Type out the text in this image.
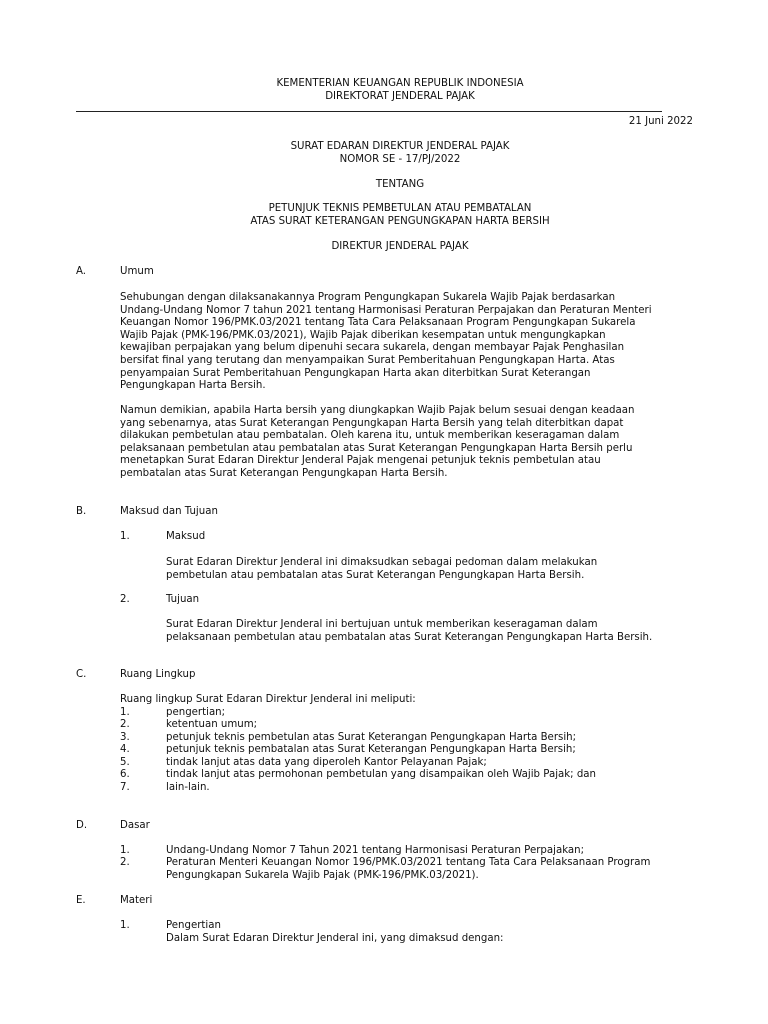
KEMENTERIAN KEUANGAN REPUBLIK INDONESIA
DIREKTORAT JENDERAL PAJAK
21 Juni 2022
SURAT EDARAN DIREKTUR JENDERAL PAJAK
NOMOR SE - 17/PJ/2022
TENTANG
PETUNJUK TEKNIS PEMBETULAN ATAU PEMBATALAN
ATAS SURAT KETERANGAN PENGUNGKAPAN HARTA BERSIH
DIREKTUR JENDERAL PAJAK
A.	Umum
Sehubungan dengan dilaksanakannya Program Pengungkapan Sukarela Wajib Pajak berdasarkan
Undang-Undang Nomor 7 tahun 2021 tentang Harmonisasi Peraturan Perpajakan dan Peraturan Menteri
Keuangan Nomor 196/PMK.03/2021 tentang Tata Cara Pelaksanaan Program Pengungkapan Sukarela
Wajib Pajak (PMK-196/PMK.03/2021), Wajib Pajak diberikan kesempatan untuk mengungkapkan
kewajiban perpajakan yang belum dipenuhi secara sukarela, dengan membayar Pajak Penghasilan
bersifat final yang terutang dan menyampaikan Surat Pemberitahuan Pengungkapan Harta. Atas
penyampaian Surat Pemberitahuan Pengungkapan Harta akan diterbitkan Surat Keterangan
Pengungkapan Harta Bersih.
Namun demikian, apabila Harta bersih yang diungkapkan Wajib Pajak belum sesuai dengan keadaan
yang sebenarnya, atas Surat Keterangan Pengungkapan Harta Bersih yang telah diterbitkan dapat
dilakukan pembetulan atau pembatalan. Oleh karena itu, untuk memberikan keseragaman dalam
pelaksanaan pembetulan atau pembatalan atas Surat Keterangan Pengungkapan Harta Bersih perlu
menetapkan Surat Edaran Direktur Jenderal Pajak mengenai petunjuk teknis pembetulan atau
pembatalan atas Surat Keterangan Pengungkapan Harta Bersih.
B.	Maksud dan Tujuan
1.	Maksud
Surat Edaran Direktur Jenderal ini dimaksudkan sebagai pedoman dalam melakukan
pembetulan atau pembatalan atas Surat Keterangan Pengungkapan Harta Bersih.
2.	Tujuan
Surat Edaran Direktur Jenderal ini bertujuan untuk memberikan keseragaman dalam
pelaksanaan pembetulan atau pembatalan atas Surat Keterangan Pengungkapan Harta Bersih.
C.	Ruang Lingkup
Ruang lingkup Surat Edaran Direktur Jenderal ini meliputi:
1.	pengertian;
2.	ketentuan umum;
3.	petunjuk teknis pembetulan atas Surat Keterangan Pengungkapan Harta Bersih;
4.	petunjuk teknis pembatalan atas Surat Keterangan Pengungkapan Harta Bersih;
5.	tindak lanjut atas data yang diperoleh Kantor Pelayanan Pajak;
6.	tindak lanjut atas permohonan pembetulan yang disampaikan oleh Wajib Pajak; dan
7.	lain-lain.
D.	Dasar
1.	Undang-Undang Nomor 7 Tahun 2021 tentang Harmonisasi Peraturan Perpajakan;
2.	Peraturan Menteri Keuangan Nomor 196/PMK.03/2021 tentang Tata Cara Pelaksanaan Program
Pengungkapan Sukarela Wajib Pajak (PMK-196/PMK.03/2021).
E.	Materi
1.	Pengertian
Dalam Surat Edaran Direktur Jenderal ini, yang dimaksud dengan:
